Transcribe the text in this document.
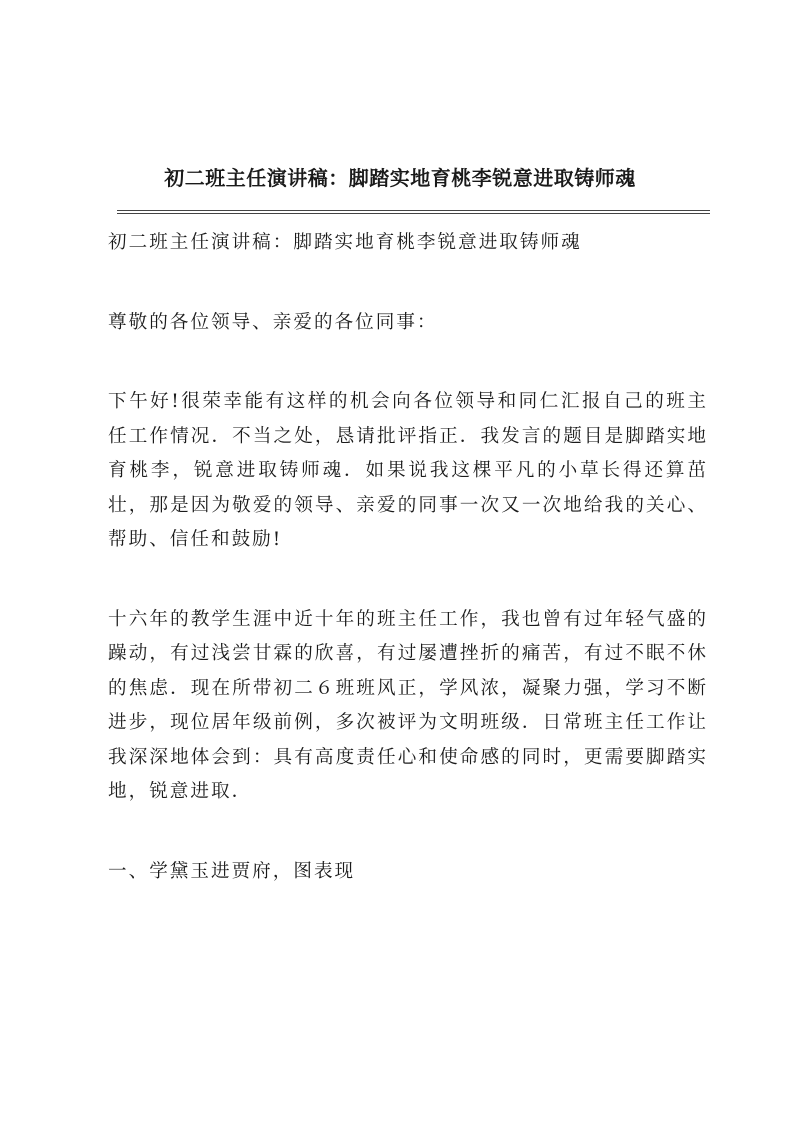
初二班主任演讲稿：脚踏实地育桃李锐意进取铸师魂

初二班主任演讲稿：脚踏实地育桃李锐意进取铸师魂

尊敬的各位领导、亲爱的各位同事：

下午好!很荣幸能有这样的机会向各位领导和同仁汇报自己的班主任工作情况．不当之处，恳请批评指正．我发言的题目是脚踏实地育桃李，锐意进取铸师魂．如果说我这棵平凡的小草长得还算茁壮，那是因为敬爱的领导、亲爱的同事一次又一次地给我的关心、帮助、信任和鼓励!

十六年的教学生涯中近十年的班主任工作，我也曾有过年轻气盛的躁动，有过浅尝甘霖的欣喜，有过屡遭挫折的痛苦，有过不眠不休的焦虑．现在所带初二６班班风正，学风浓，凝聚力强，学习不断进步，现位居年级前例，多次被评为文明班级．日常班主任工作让我深深地体会到：具有高度责任心和使命感的同时，更需要脚踏实地，锐意进取．

一、学黛玉进贾府，图表现
